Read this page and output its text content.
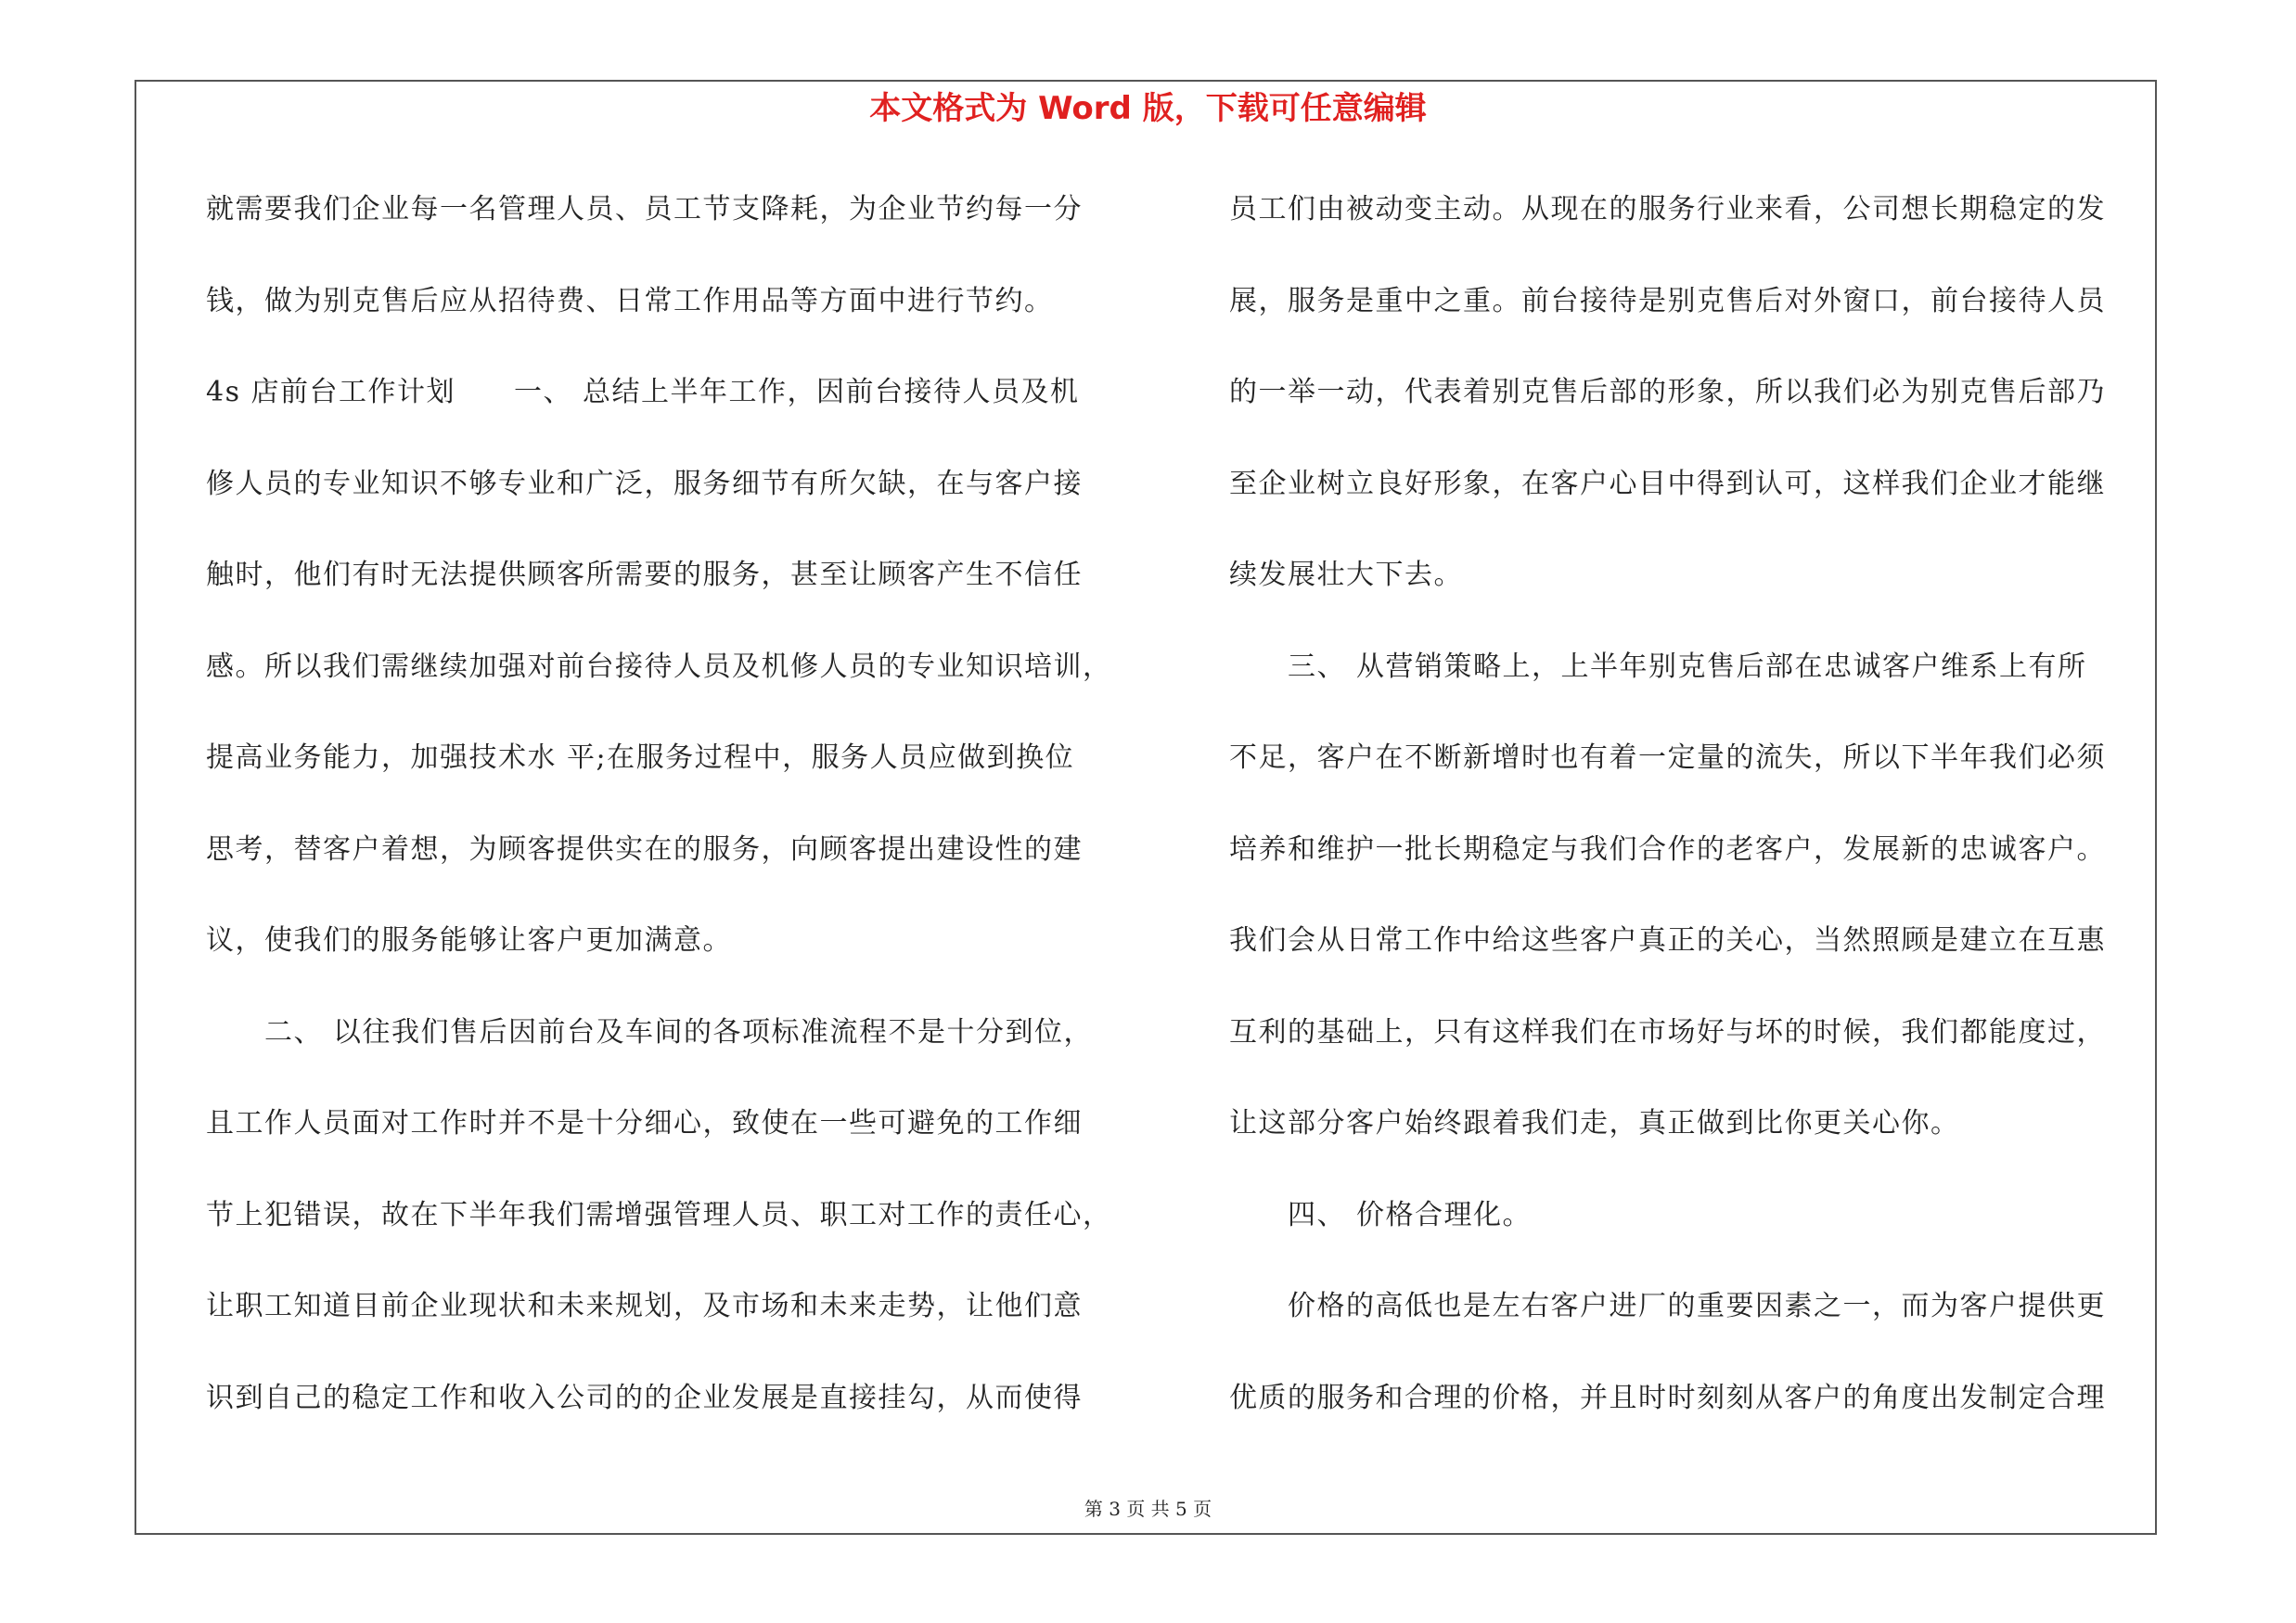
本文格式为 Word 版，下载可任意编辑
就需要我们企业每一名管理人员、员工节支降耗，为企业节约每一分
钱，做为别克售后应从招待费、日常工作用品等方面中进行节约。
4s 店前台工作计划　　一、 总结上半年工作，因前台接待人员及机
修人员的专业知识不够专业和广泛，服务细节有所欠缺，在与客户接
触时，他们有时无法提供顾客所需要的服务，甚至让顾客产生不信任
感。所以我们需继续加强对前台接待人员及机修人员的专业知识培训，
提高业务能力，加强技术水 平;在服务过程中，服务人员应做到换位
思考，替客户着想，为顾客提供实在的服务，向顾客提出建设性的建
议，使我们的服务能够让客户更加满意。
　　二、 以往我们售后因前台及车间的各项标准流程不是十分到位，
且工作人员面对工作时并不是十分细心，致使在一些可避免的工作细
节上犯错误，故在下半年我们需增强管理人员、职工对工作的责任心，
让职工知道目前企业现状和未来规划，及市场和未来走势，让他们意
识到自己的稳定工作和收入公司的的企业发展是直接挂勾，从而使得
员工们由被动变主动。从现在的服务行业来看，公司想长期稳定的发
展，服务是重中之重。前台接待是别克售后对外窗口，前台接待人员
的一举一动，代表着别克售后部的形象，所以我们必为别克售后部乃
至企业树立良好形象，在客户心目中得到认可，这样我们企业才能继
续发展壮大下去。
　　三、 从营销策略上，上半年别克售后部在忠诚客户维系上有所
不足，客户在不断新增时也有着一定量的流失，所以下半年我们必须
培养和维护一批长期稳定与我们合作的老客户，发展新的忠诚客户。
我们会从日常工作中给这些客户真正的关心，当然照顾是建立在互惠
互利的基础上，只有这样我们在市场好与坏的时候，我们都能度过，
让这部分客户始终跟着我们走，真正做到比你更关心你。
　　四、 价格合理化。
　　价格的高低也是左右客户进厂的重要因素之一，而为客户提供更
优质的服务和合理的价格，并且时时刻刻从客户的角度出发制定合理
第 3 页 共 5 页
